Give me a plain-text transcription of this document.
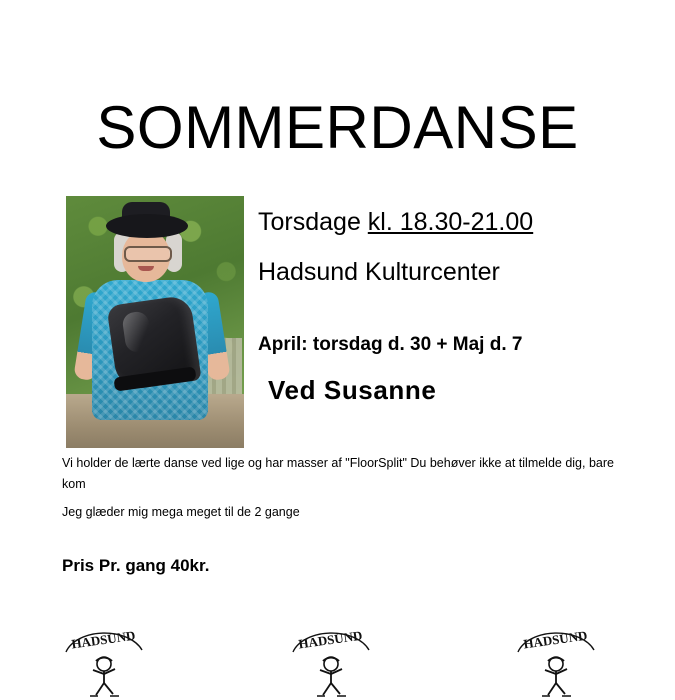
SOMMERDANSE
Torsdage kl. 18.30-21.00
Hadsund Kulturcenter
April: torsdag d. 30 + Maj d. 7
Ved Susanne
Vi holder de lærte danse ved lige og har masser af "FloorSplit" Du behøver ikke at tilmelde dig, bare kom
Jeg glæder mig mega meget til de 2 gange
Pris Pr. gang 40kr.
HADSUND	HADSUND	HADSUND
